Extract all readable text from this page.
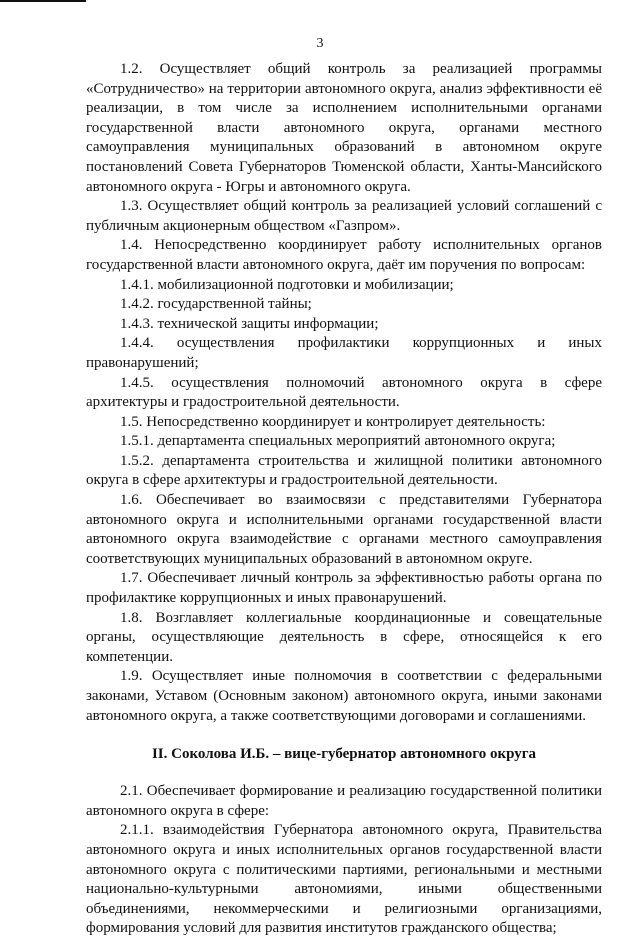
3

1.2. Осуществляет общий контроль за реализацией программы «Сотрудничество» на территории автономного округа, анализ эффективности её реализации, в том числе за исполнением исполнительными органами государственной власти автономного округа, органами местного самоуправления муниципальных образований в автономном округе постановлений Совета Губернаторов Тюменской области, Ханты-Мансийского автономного округа - Югры и автономного округа.

1.3. Осуществляет общий контроль за реализацией условий соглашений с публичным акционерным обществом «Газпром».

1.4. Непосредственно координирует работу исполнительных органов государственной власти автономного округа, даёт им поручения по вопросам:

1.4.1. мобилизационной подготовки и мобилизации;

1.4.2. государственной тайны;

1.4.3. технической защиты информации;

1.4.4. осуществления профилактики коррупционных и иных правонарушений;

1.4.5. осуществления полномочий автономного округа в сфере архитектуры и градостроительной деятельности.

1.5. Непосредственно координирует и контролирует деятельность:

1.5.1. департамента специальных мероприятий автономного округа;

1.5.2. департамента строительства и жилищной политики автономного округа в сфере архитектуры и градостроительной деятельности.

1.6. Обеспечивает во взаимосвязи с представителями Губернатора автономного округа и исполнительными органами государственной власти автономного округа взаимодействие с органами местного самоуправления соответствующих муниципальных образований в автономном округе.

1.7. Обеспечивает личный контроль за эффективностью работы органа по профилактике коррупционных и иных правонарушений.

1.8. Возглавляет коллегиальные координационные и совещательные органы, осуществляющие деятельность в сфере, относящейся к его компетенции.

1.9. Осуществляет иные полномочия в соответствии с федеральными законами, Уставом (Основным законом) автономного округа, иными законами автономного округа, а также соответствующими договорами и соглашениями.

II. Соколова И.Б. – вице-губернатор автономного округа

2.1. Обеспечивает формирование и реализацию государственной политики автономного округа в сфере:

2.1.1. взаимодействия Губернатора автономного округа, Правительства автономного округа и иных исполнительных органов государственной власти автономного округа с политическими партиями, региональными и местными национально-культурными автономиями, иными общественными объединениями, некоммерческими и религиозными организациями, формирования условий для развития институтов гражданского общества;
